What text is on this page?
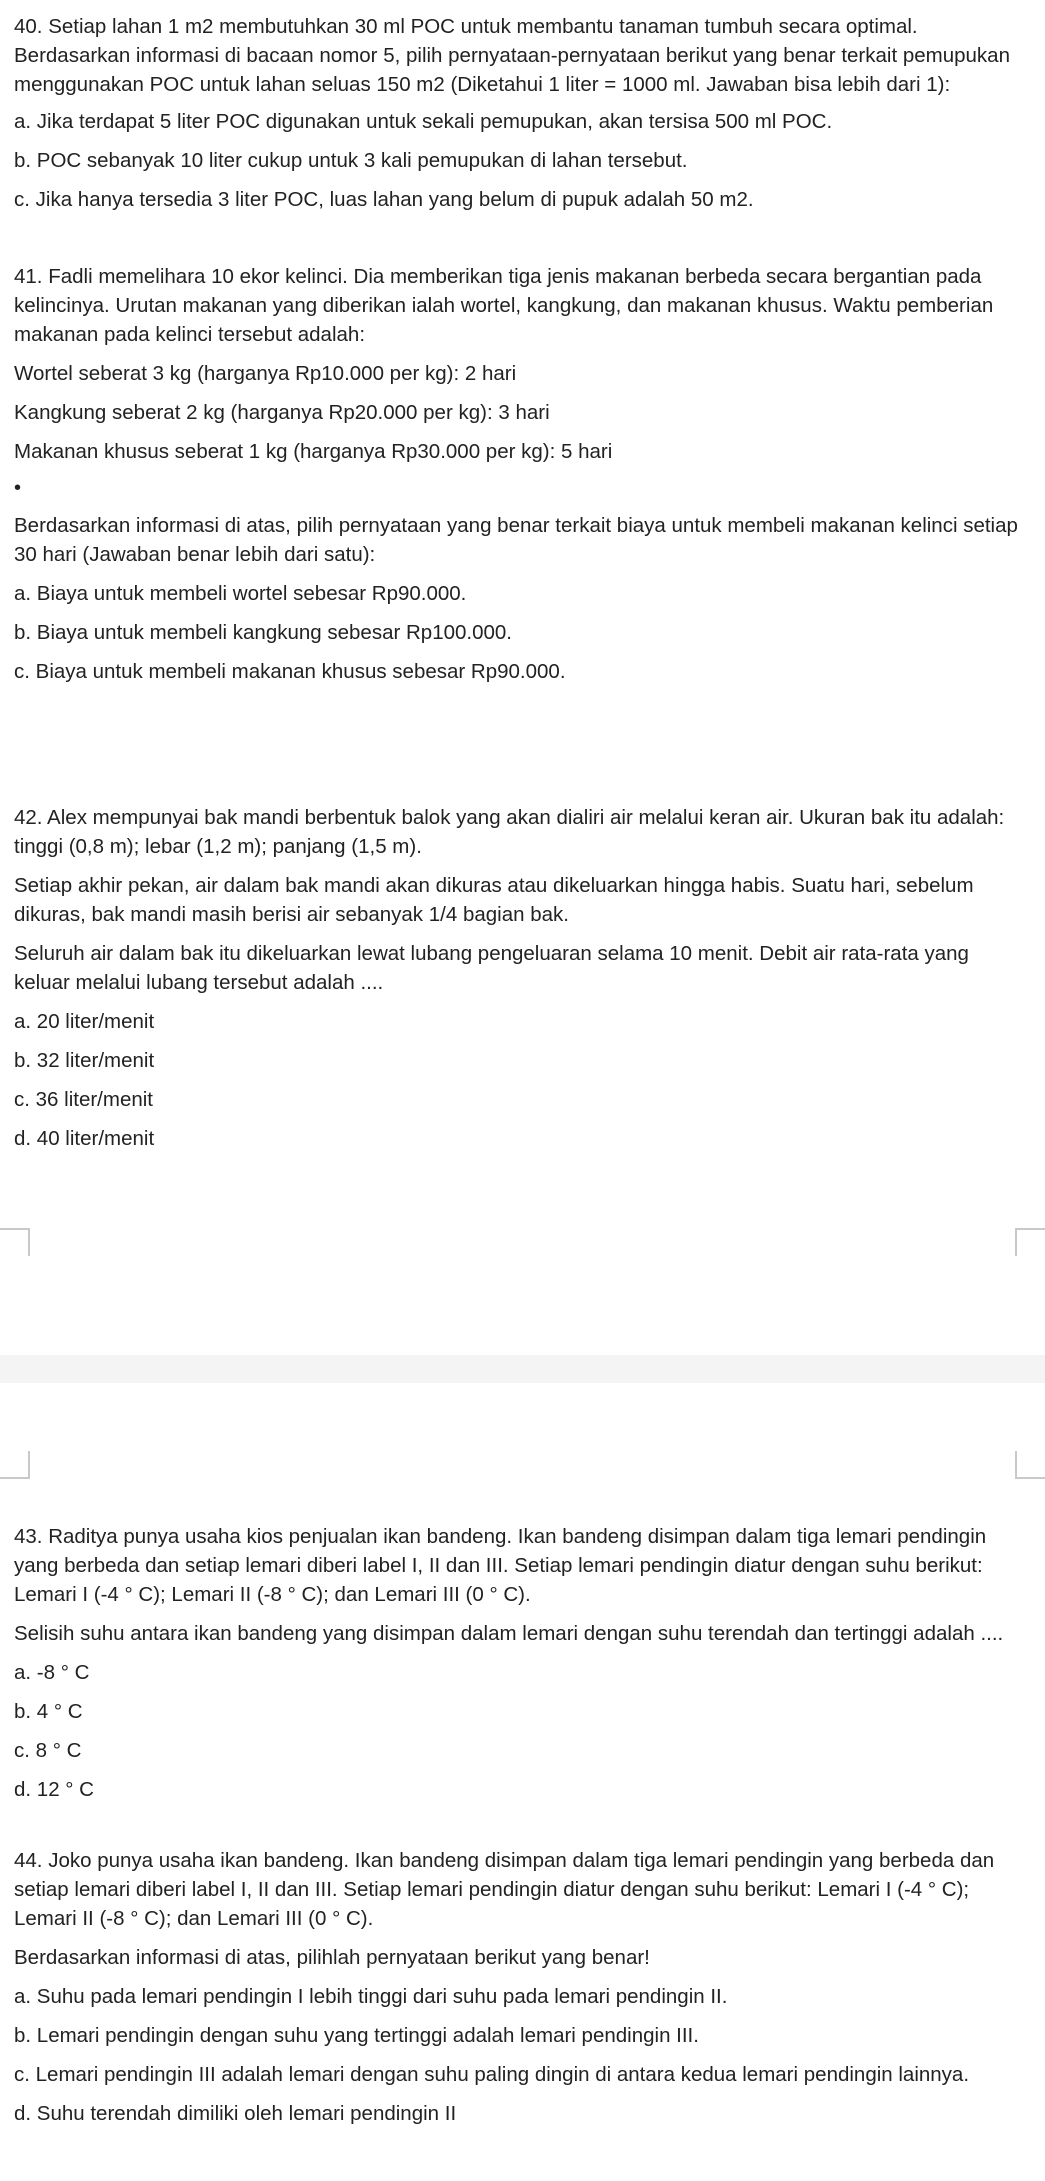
40. Setiap lahan 1 m2 membutuhkan 30 ml POC untuk membantu tanaman tumbuh secara optimal. Berdasarkan informasi di bacaan nomor 5, pilih pernyataan-pernyataan berikut yang benar terkait pemupukan menggunakan POC untuk lahan seluas 150 m2 (Diketahui 1 liter = 1000 ml. Jawaban bisa lebih dari 1):

a. Jika terdapat 5 liter POC digunakan untuk sekali pemupukan, akan tersisa 500 ml POC.

b. POC sebanyak 10 liter cukup untuk 3 kali pemupukan di lahan tersebut.

c. Jika hanya tersedia 3 liter POC, luas lahan yang belum di pupuk adalah 50 m2.

41. Fadli memelihara 10 ekor kelinci. Dia memberikan tiga jenis makanan berbeda secara bergantian pada kelincinya. Urutan makanan yang diberikan ialah wortel, kangkung, dan makanan khusus. Waktu pemberian makanan pada kelinci tersebut adalah:

Wortel seberat 3 kg (harganya Rp10.000 per kg): 2 hari

Kangkung seberat 2 kg (harganya Rp20.000 per kg): 3 hari

Makanan khusus seberat 1 kg (harganya Rp30.000 per kg): 5 hari

•

Berdasarkan informasi di atas, pilih pernyataan yang benar terkait biaya untuk membeli makanan kelinci setiap 30 hari (Jawaban benar lebih dari satu):

a. Biaya untuk membeli wortel sebesar Rp90.000.

b. Biaya untuk membeli kangkung sebesar Rp100.000.

c. Biaya untuk membeli makanan khusus sebesar Rp90.000.

42. Alex mempunyai bak mandi berbentuk balok yang akan dialiri air melalui keran air. Ukuran bak itu adalah: tinggi (0,8 m); lebar (1,2 m); panjang (1,5 m).

Setiap akhir pekan, air dalam bak mandi akan dikuras atau dikeluarkan hingga habis. Suatu hari, sebelum dikuras, bak mandi masih berisi air sebanyak 1/4 bagian bak.

Seluruh air dalam bak itu dikeluarkan lewat lubang pengeluaran selama 10 menit. Debit air rata-rata yang keluar melalui lubang tersebut adalah ....

a. 20 liter/menit

b. 32 liter/menit

c. 36 liter/menit

d. 40 liter/menit

43. Raditya punya usaha kios penjualan ikan bandeng. Ikan bandeng disimpan dalam tiga lemari pendingin yang berbeda dan setiap lemari diberi label I, II dan III. Setiap lemari pendingin diatur dengan suhu berikut: Lemari I (-4 ° C); Lemari II (-8 ° C); dan Lemari III (0 ° C).

Selisih suhu antara ikan bandeng yang disimpan dalam lemari dengan suhu terendah dan tertinggi adalah ....

a. -8 ° C

b. 4 ° C

c. 8 ° C

d. 12 ° C

44. Joko punya usaha ikan bandeng. Ikan bandeng disimpan dalam tiga lemari pendingin yang berbeda dan setiap lemari diberi label I, II dan III. Setiap lemari pendingin diatur dengan suhu berikut: Lemari I (-4 ° C); Lemari II (-8 ° C); dan Lemari III (0 ° C).

Berdasarkan informasi di atas, pilihlah pernyataan berikut yang benar!

a. Suhu pada lemari pendingin I lebih tinggi dari suhu pada lemari pendingin II.

b. Lemari pendingin dengan suhu yang tertinggi adalah lemari pendingin III.

c. Lemari pendingin III adalah lemari dengan suhu paling dingin di antara kedua lemari pendingin lainnya.

d. Suhu terendah dimiliki oleh lemari pendingin II
